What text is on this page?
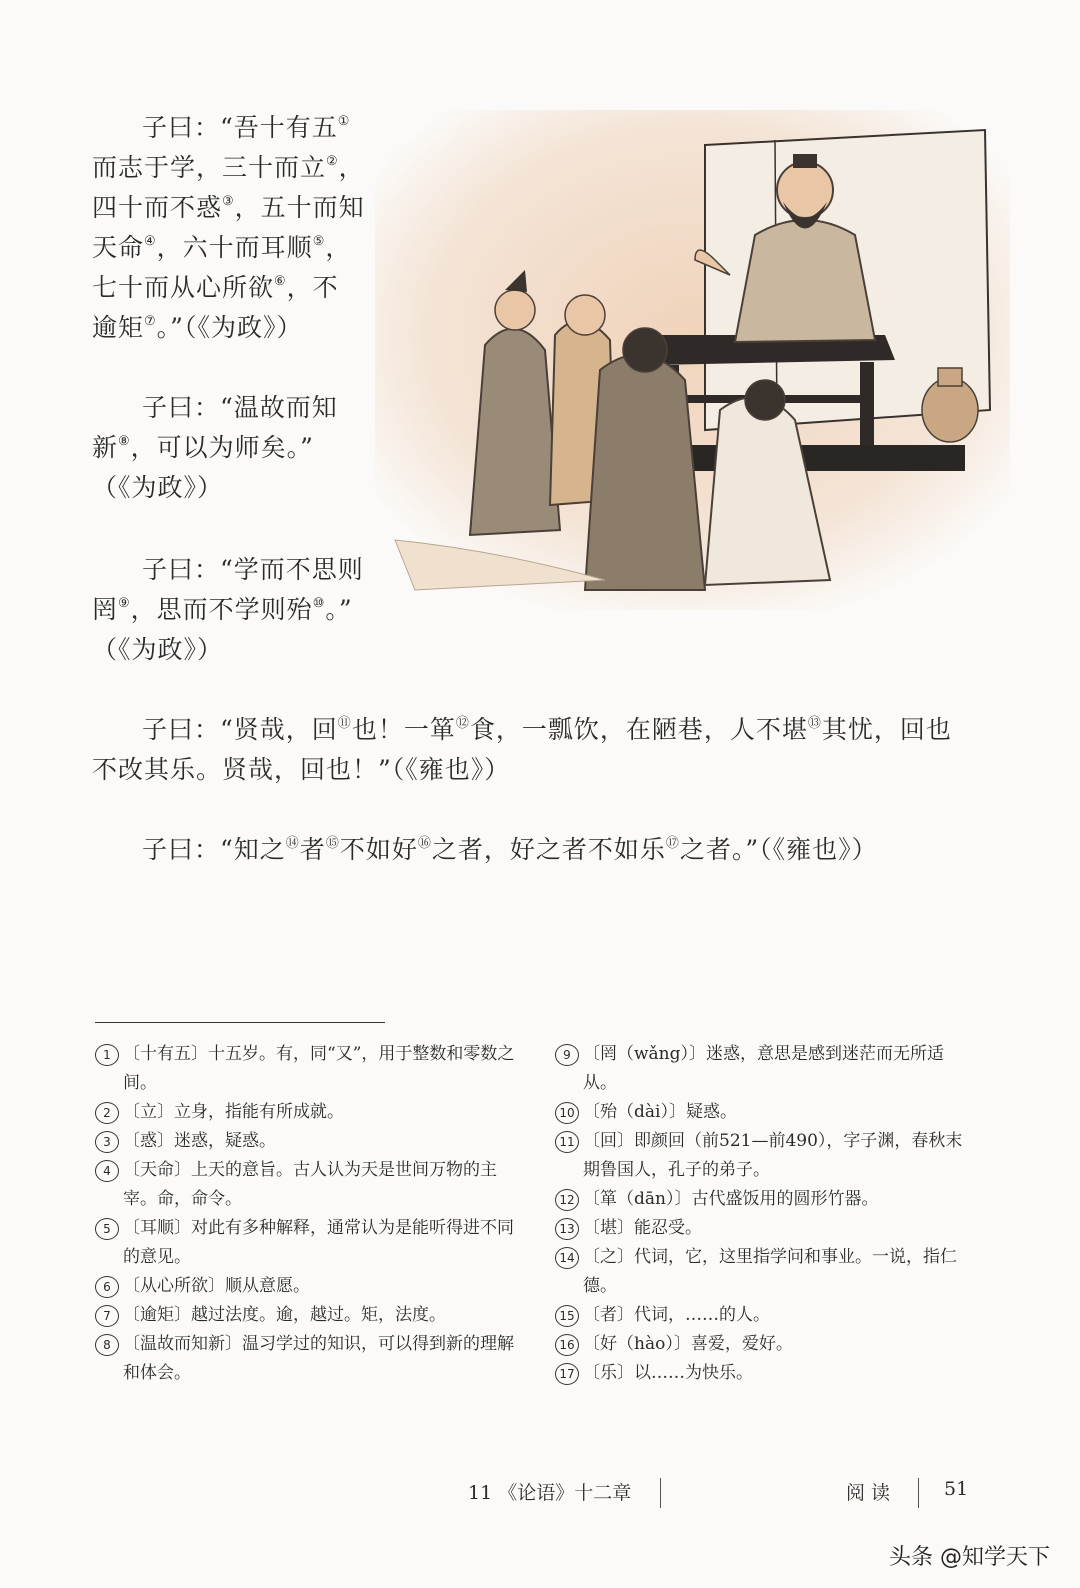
子曰：“吾十有五①
而志于学，三十而立②，
四十而不惑③，五十而知
天命④，六十而耳顺⑤，
七十而从心所欲⑥，不
逾矩⑦。”（《为政》）
子曰：“温故而知
新⑧，可以为师矣。”
（《为政》）
子曰：“学而不思则
罔⑨，思而不学则殆⑩。”
（《为政》）
子曰：“贤哉，回⑪也！一箪⑫食，一瓢饮，在陋巷，人不堪⑬其忧，回也
不改其乐。贤哉，回也！”（《雍也》）
子曰：“知之⑭者⑮不如好⑯之者，好之者不如乐⑰之者。”（《雍也》）
1 〔十有五〕十五岁。有，同“又”，用于整数和零数之间。
2 〔立〕立身，指能有所成就。
3 〔惑〕迷惑，疑惑。
4 〔天命〕上天的意旨。古人认为天是世间万物的主宰。命，命令。
5 〔耳顺〕对此有多种解释，通常认为是能听得进不同的意见。
6 〔从心所欲〕顺从意愿。
7 〔逾矩〕越过法度。逾，越过。矩，法度。
8 〔温故而知新〕温习学过的知识，可以得到新的理解和体会。
9 〔罔（wǎng）〕迷惑，意思是感到迷茫而无所适从。
10 〔殆（dài）〕疑惑。
11 〔回〕即颜回（前521—前490），字子渊，春秋末期鲁国人，孔子的弟子。
12 〔箪（dān）〕古代盛饭用的圆形竹器。
13 〔堪〕能忍受。
14 〔之〕代词，它，这里指学问和事业。一说，指仁德。
15 〔者〕代词，……的人。
16 〔好（hào）〕喜爱，爱好。
17 〔乐〕以……为快乐。
11 《论语》十二章	阅读	51
头条 @知学天下
